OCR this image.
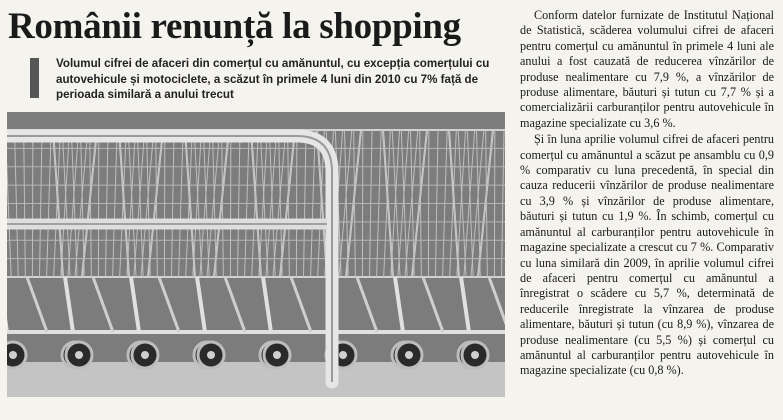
Românii renunță la shopping

Volumul cifrei de afaceri din comerțul cu amănuntul, cu excepția comerțului cu autovehicule și motociclete, a scăzut în primele 4 luni din 2010 cu 7% față de perioada similară a anului trecut

Conform datelor furnizate de Institutul Național de Statistică, scăderea volumului cifrei de afaceri pentru comerțul cu amănuntul în primele 4 luni ale anului a fost cauzată de reducerea vînzărilor de produse nealimentare cu 7,9 %, a vînzărilor de produse alimentare, băuturi și tutun cu 7,7 % și a comercializării carburanților pentru autovehicule în magazine specializate cu 3,6 %.

Și în luna aprilie volumul cifrei de afaceri pentru comerțul cu amănuntul a scăzut pe ansamblu cu 0,9 % comparativ cu luna precedentă, în special din cauza reducerii vînzărilor de produse nealimentare cu 3,9 % și vînzărilor de produse alimentare, băuturi și tutun cu 1,9 %. În schimb, comerțul cu amănuntul al carburanților pentru autovehicule în magazine specializate a crescut cu 7 %. Comparativ cu luna similară din 2009, în aprilie volumul cifrei de afaceri pentru comerțul cu amănuntul a înregistrat o scădere cu 5,7 %, determinată de reducerile înregistrate la vînzarea de produse alimentare, băuturi și tutun (cu 8,9 %), vînzarea de produse nealimentare (cu 5,5 %) și comerțul cu amănuntul al carburanților pentru autovehicule în magazine specializate (cu 0,8 %).
